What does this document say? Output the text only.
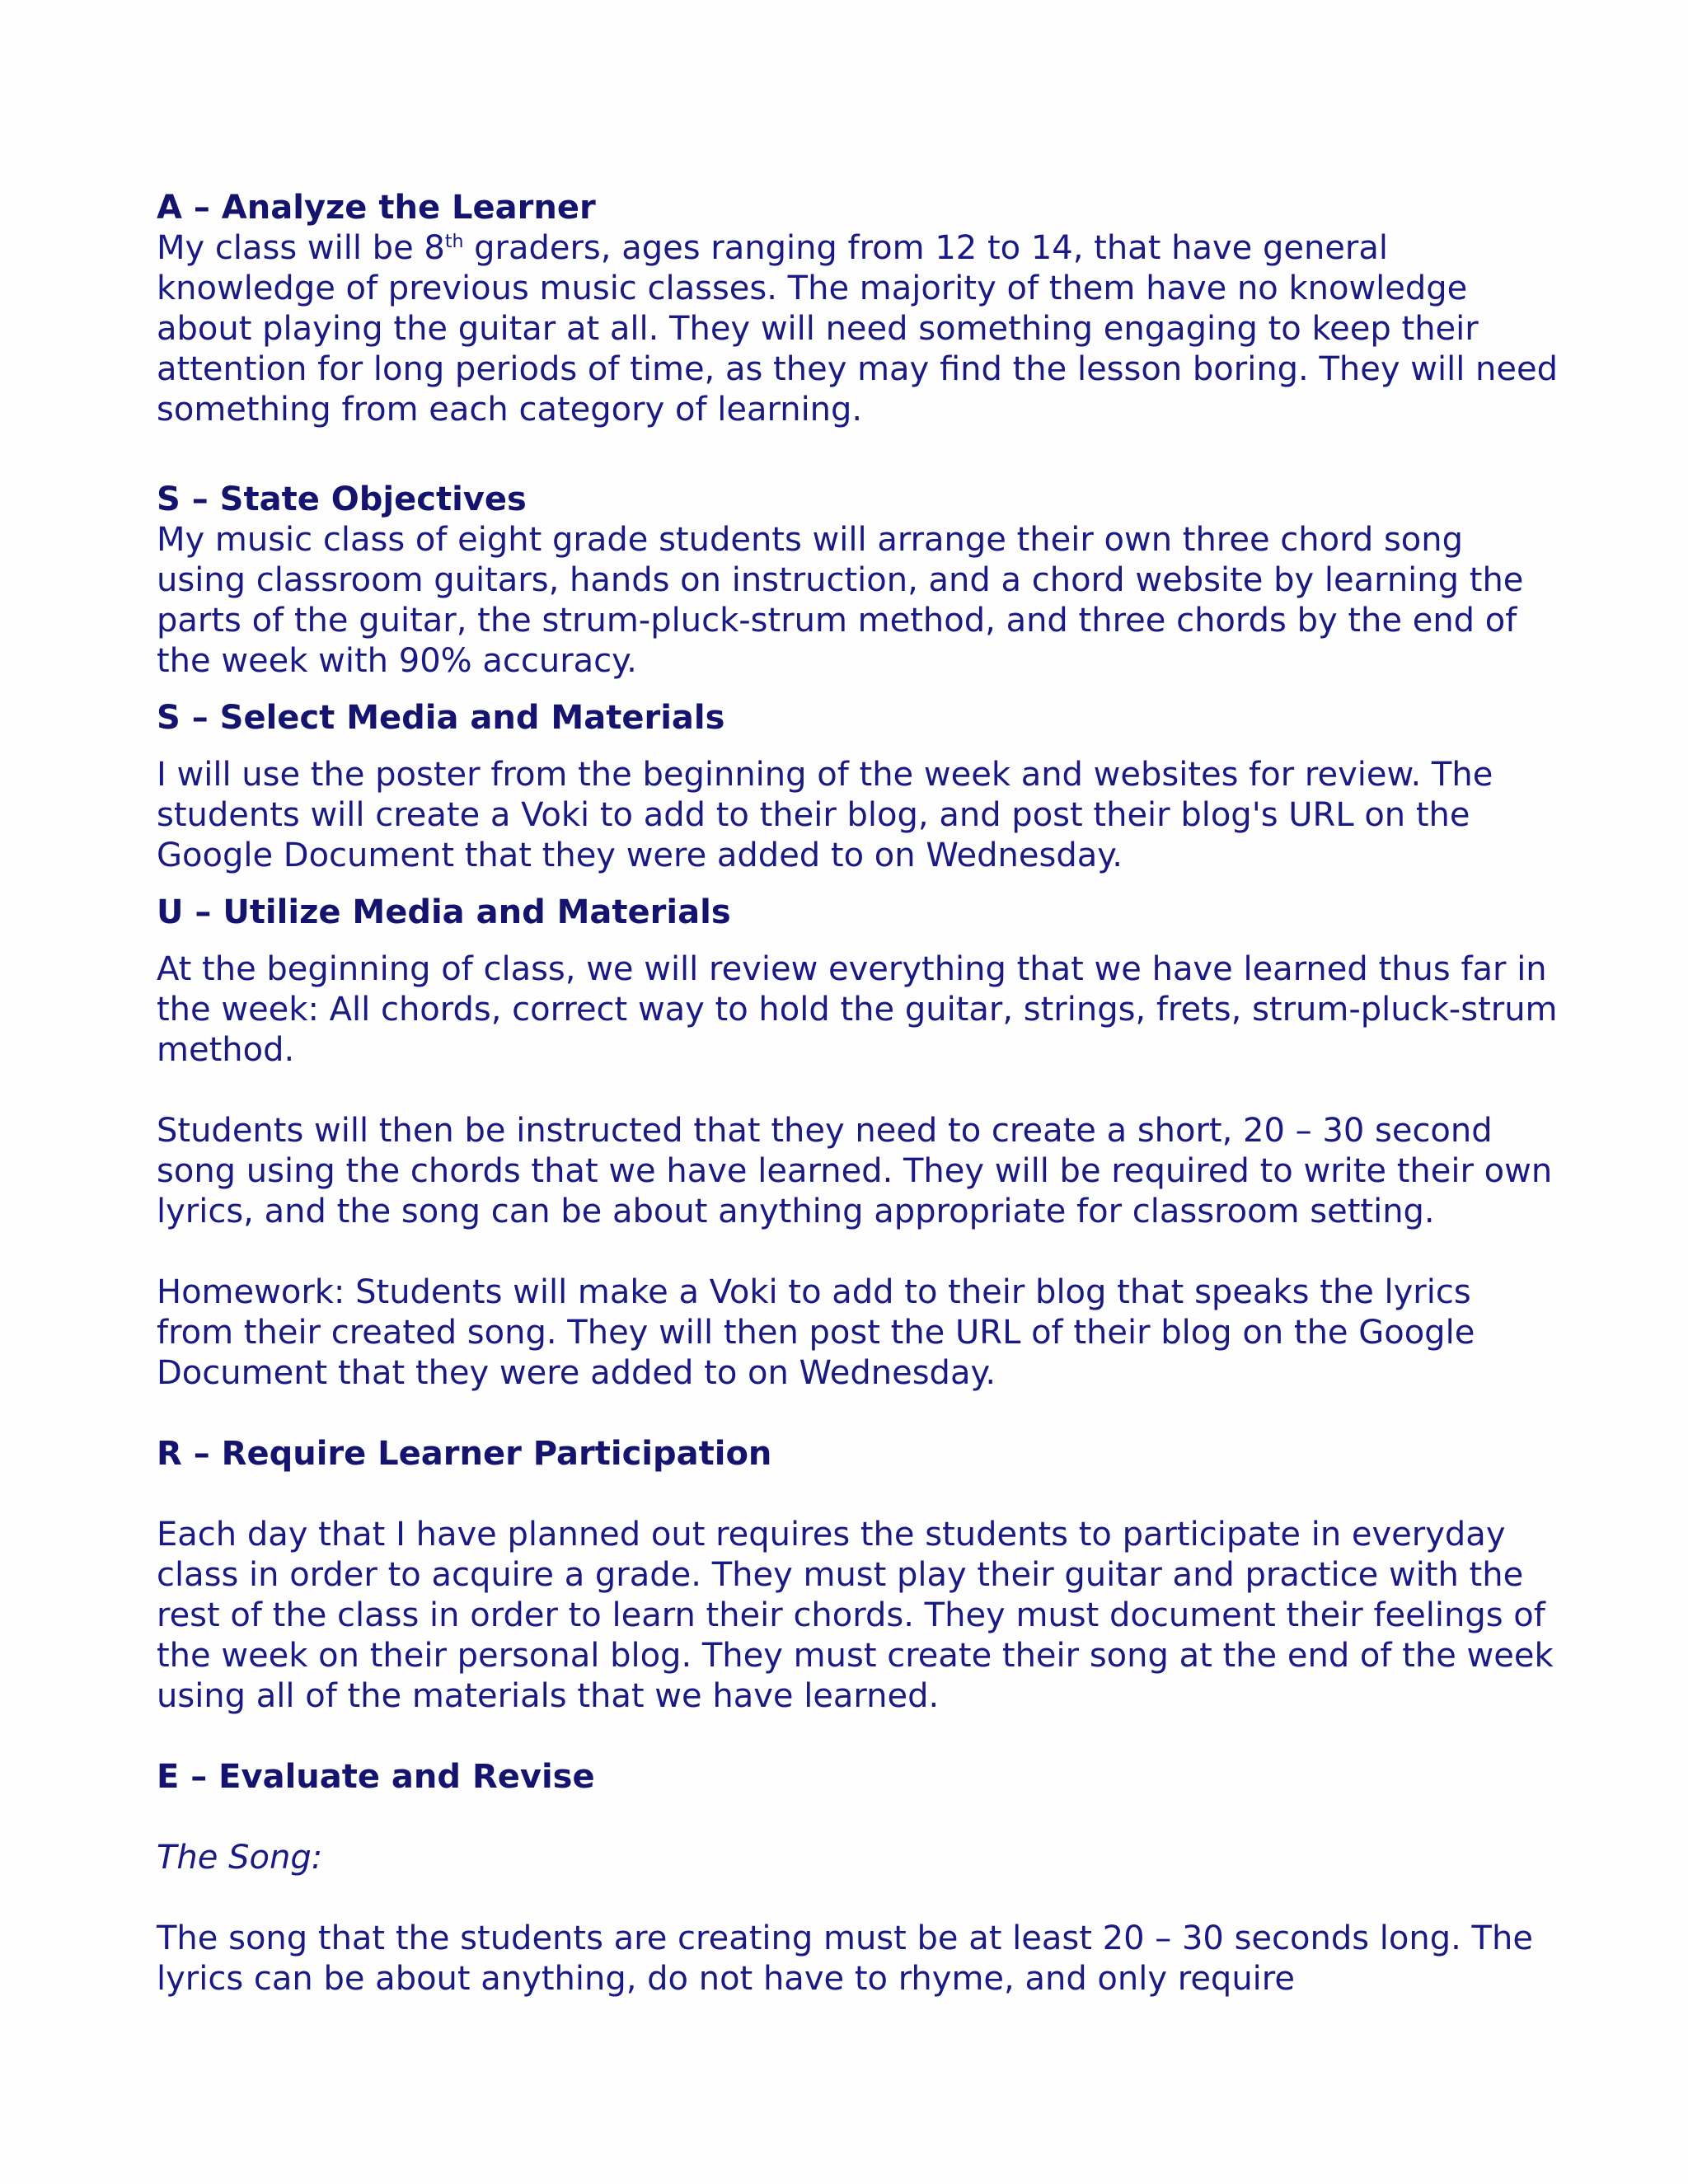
A – Analyze the Learner
My class will be 8th graders, ages ranging from 12 to 14, that have general knowledge of previous music classes. The majority of them have no knowledge about playing the guitar at all. They will need something engaging to keep their attention for long periods of time, as they may find the lesson boring. They will need something from each category of learning.
S – State Objectives
My music class of eight grade students will arrange their own three chord song using classroom guitars, hands on instruction, and a chord website by learning the parts of the guitar, the strum-pluck-strum method, and three chords by the end of the week with 90% accuracy.
S – Select Media and Materials
I will use the poster from the beginning of the week and websites for review. The students will create a Voki to add to their blog, and post their blog's URL on the Google Document that they were added to on Wednesday.
U – Utilize Media and Materials
At the beginning of class, we will review everything that we have learned thus far in the week: All chords, correct way to hold the guitar, strings, frets, strum-pluck-strum method.
Students will then be instructed that they need to create a short, 20 – 30 second song using the chords that we have learned. They will be required to write their own lyrics, and the song can be about anything appropriate for classroom setting.
Homework: Students will make a Voki to add to their blog that speaks the lyrics from their created song. They will then post the URL of their blog on the Google Document that they were added to on Wednesday.
R – Require Learner Participation
Each day that I have planned out requires the students to participate in everyday class in order to acquire a grade. They must play their guitar and practice with the rest of the class in order to learn their chords. They must document their feelings of the week on their personal blog. They must create their song at the end of the week using all of the materials that we have learned.
E – Evaluate and Revise
The Song:
The song that the students are creating must be at least 20 – 30 seconds long. The lyrics can be about anything, do not have to rhyme, and only require
